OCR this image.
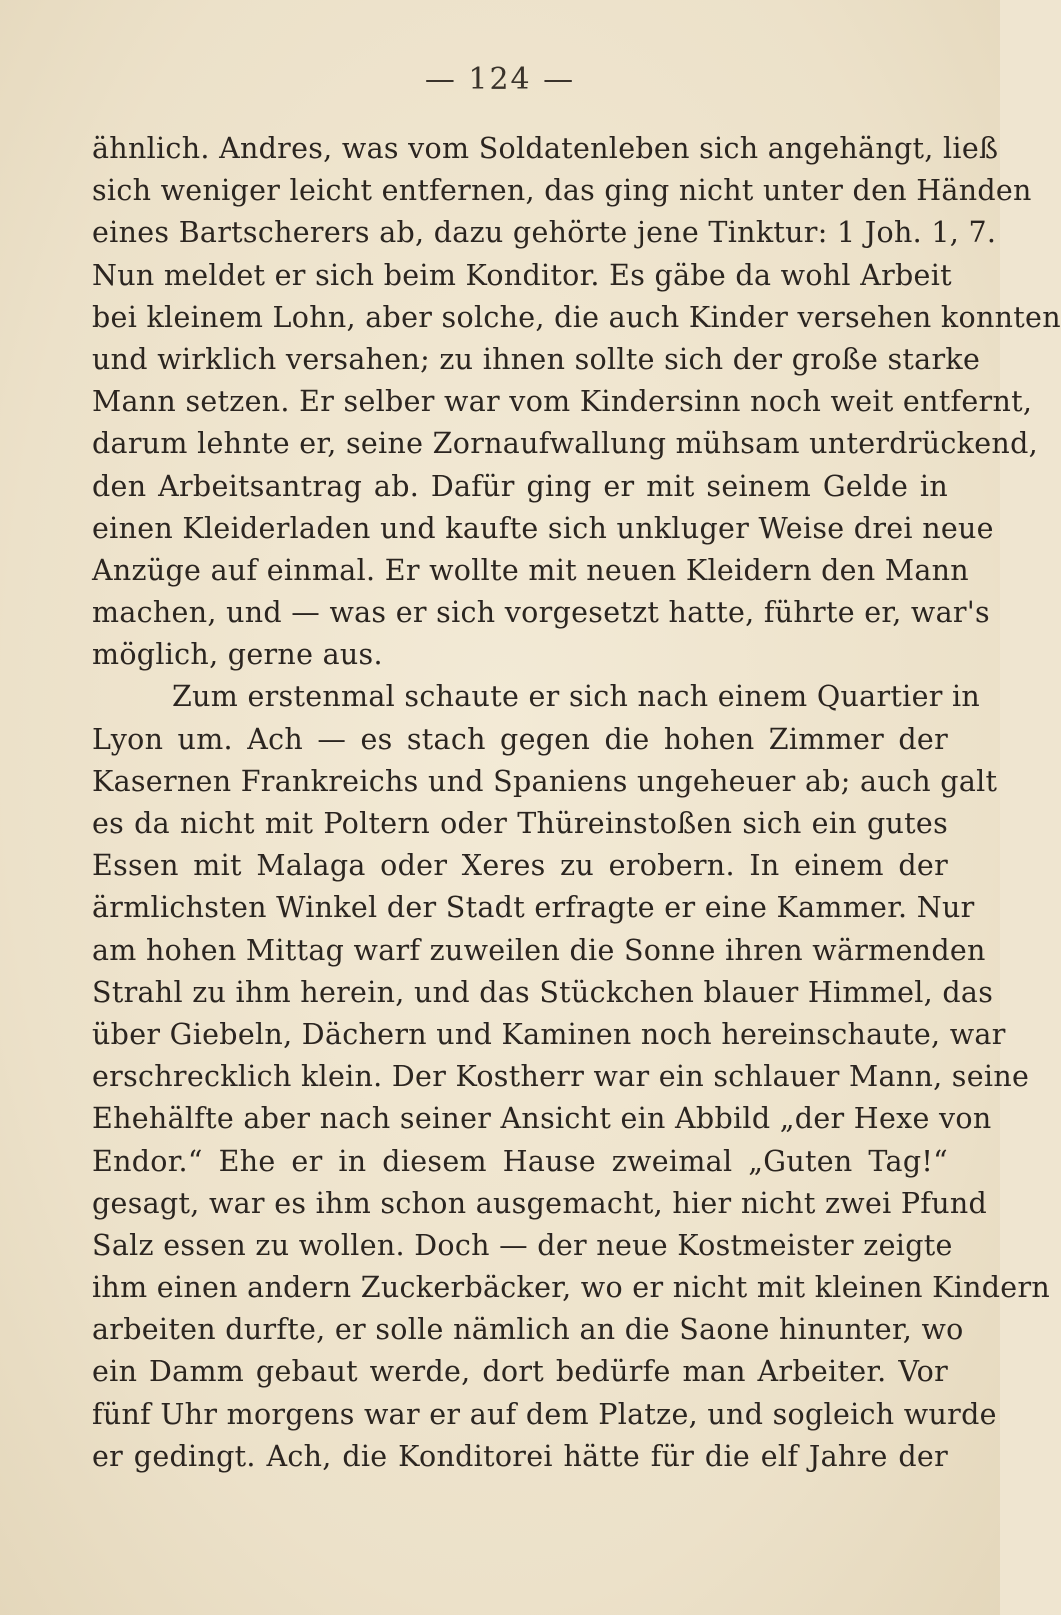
— 124 —
ähnlich. Andres, was vom Soldatenleben sich angehängt, ließ
sich weniger leicht entfernen, das ging nicht unter den Händen
eines Bartscherers ab, dazu gehörte jene Tinktur: 1 Joh. 1, 7.
Nun meldet er sich beim Konditor. Es gäbe da wohl Arbeit
bei kleinem Lohn, aber solche, die auch Kinder versehen konnten
und wirklich versahen; zu ihnen sollte sich der große starke
Mann setzen. Er selber war vom Kindersinn noch weit entfernt,
darum lehnte er, seine Zornaufwallung mühsam unterdrückend,
den Arbeitsantrag ab. Dafür ging er mit seinem Gelde in
einen Kleiderladen und kaufte sich unkluger Weise drei neue
Anzüge auf einmal. Er wollte mit neuen Kleidern den Mann
machen, und — was er sich vorgesetzt hatte, führte er, war's
möglich, gerne aus.
Zum erstenmal schaute er sich nach einem Quartier in
Lyon um. Ach — es stach gegen die hohen Zimmer der
Kasernen Frankreichs und Spaniens ungeheuer ab; auch galt
es da nicht mit Poltern oder Thüreinstoßen sich ein gutes
Essen mit Malaga oder Xeres zu erobern. In einem der
ärmlichsten Winkel der Stadt erfragte er eine Kammer. Nur
am hohen Mittag warf zuweilen die Sonne ihren wärmenden
Strahl zu ihm herein, und das Stückchen blauer Himmel, das
über Giebeln, Dächern und Kaminen noch hereinschaute, war
erschrecklich klein. Der Kostherr war ein schlauer Mann, seine
Ehehälfte aber nach seiner Ansicht ein Abbild „der Hexe von
Endor.“ Ehe er in diesem Hause zweimal „Guten Tag!“
gesagt, war es ihm schon ausgemacht, hier nicht zwei Pfund
Salz essen zu wollen. Doch — der neue Kostmeister zeigte
ihm einen andern Zuckerbäcker, wo er nicht mit kleinen Kindern
arbeiten durfte, er solle nämlich an die Saone hinunter, wo
ein Damm gebaut werde, dort bedürfe man Arbeiter. Vor
fünf Uhr morgens war er auf dem Platze, und sogleich wurde
er gedingt. Ach, die Konditorei hätte für die elf Jahre der
